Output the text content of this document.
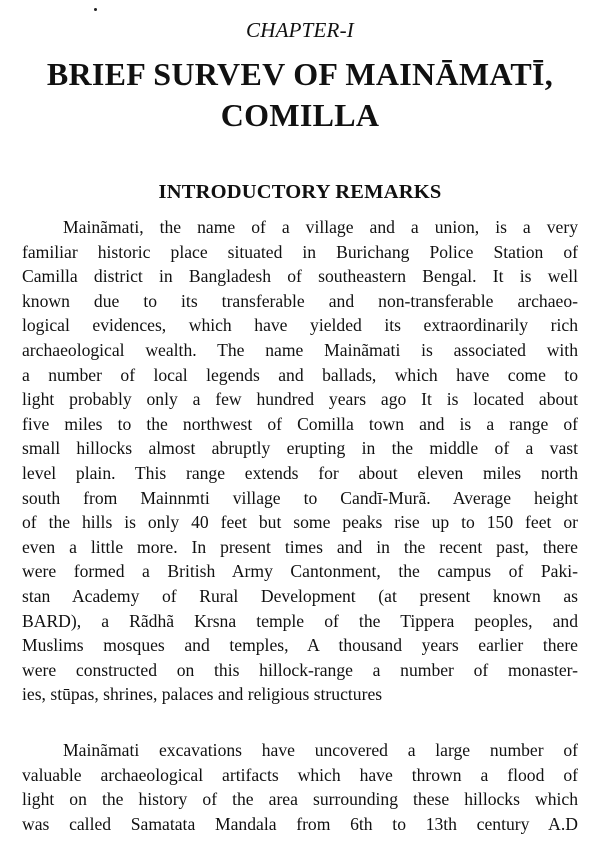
CHAPTER-I
BRIEF SURVEV OF MAINĀMATĪ,
COMILLA
INTRODUCTORY REMARKS
Mainãmati, the name of a village and a union, is a very
familiar historic place situated in Burichang Police Station of
Camilla district in Bangladesh of southeastern Bengal. It is well
known due to its transferable and non-transferable archaeo-
logical evidences, which have yielded its extraordinarily rich
archaeological wealth. The name Mainãmati is associated with
a number of local legends and ballads, which have come to
light probably only a few hundred years ago It is located about
five miles to the northwest of Comilla town and is a range of
small hillocks almost abruptly erupting in the middle of a vast
level plain. This range extends for about eleven miles north
south from Mainnmti village to Candī-Murã. Average height
of the hills is only 40 feet but some peaks rise up to 150 feet or
even a little more. In present times and in the recent past, there
were formed a British Army Cantonment, the campus of Paki-
stan Academy of Rural Development (at present known as
BARD), a Rãdhã Krsna temple of the Tippera peoples, and
Muslims mosques and temples, A thousand years earlier there
were constructed on this hillock-range a number of monaster-
ies, stūpas, shrines, palaces and religious structures
Mainãmati excavations have uncovered a large number of
valuable archaeological artifacts which have thrown a flood of
light on the history of the area surrounding these hillocks which
was called Samatata Mandala from 6th to 13th century A.D
